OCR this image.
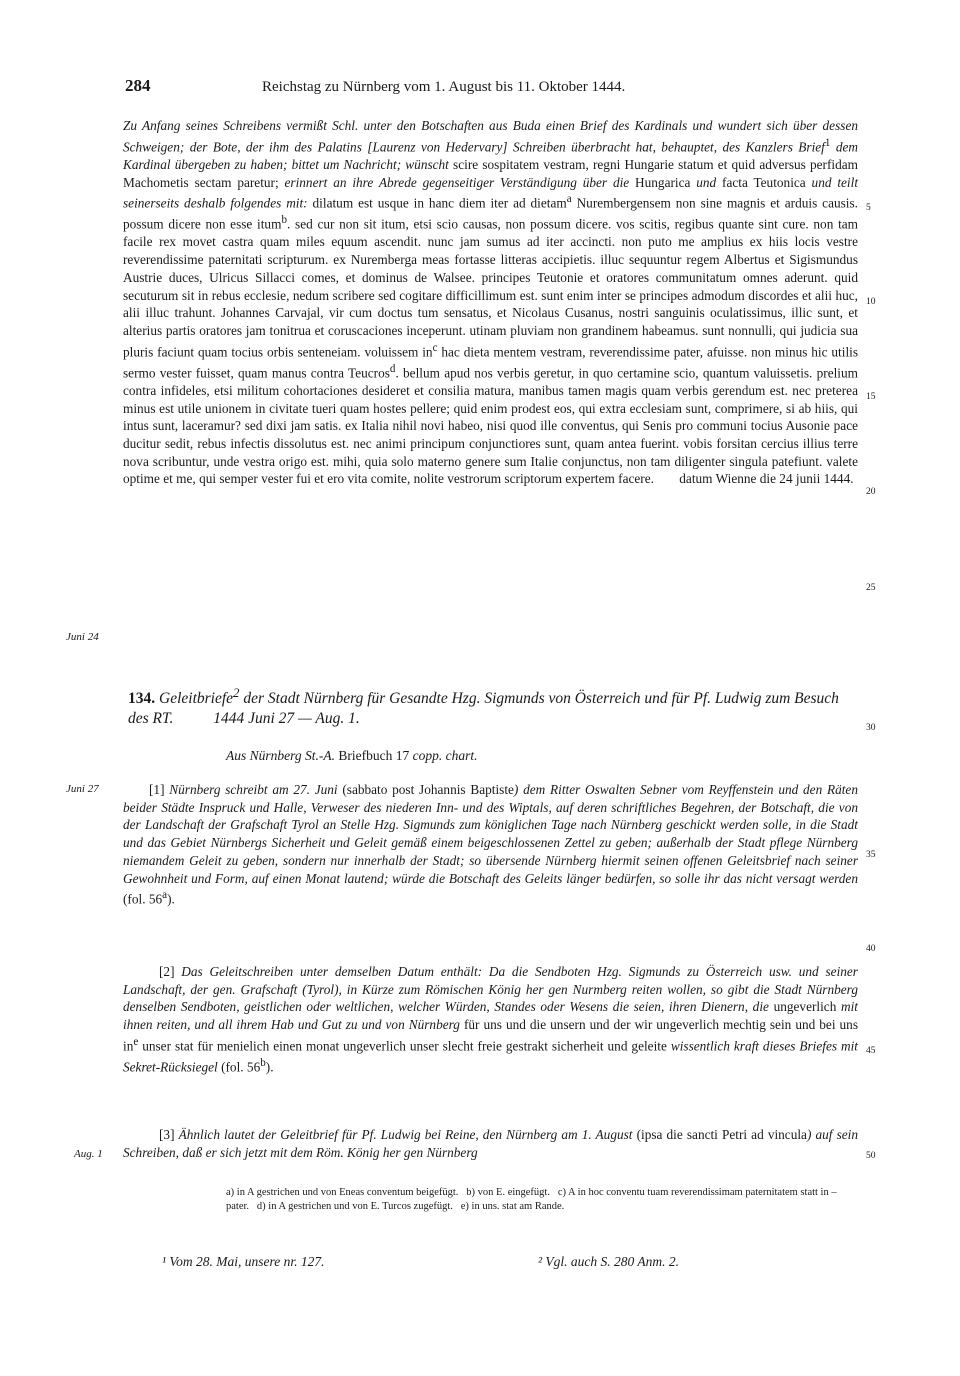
284	Reichstag zu Nürnberg vom 1. August bis 11. Oktober 1444.

Zu Anfang seines Schreibens vermißt Schl. unter den Botschaften aus Buda einen Brief des Kardinals und wundert sich über dessen Schweigen; der Bote, der ihm des Palatins [Laurenz von Hedervary] Schreiben überbracht hat, behauptet, des Kanzlers Brief$^1$ dem Kardinal übergeben zu haben; bittet um Nachricht; wünscht scire sospitatem vestram, regni Hungarie statum et quid adversus perfidam Machometis sectam paretur; erinnert an ihre Abrede gegenseitiger Verständigung über die Hungarica und facta Teutonica und teilt seinerseits deshalb folgendes mit: dilatum est usque in hanc diem iter ad dietam$^a$ Nurembergensem non sine magnis et arduis causis. possum dicere non esse itum$^b$. sed cur non sit itum, etsi scio causas, non possum dicere. vos scitis, regibus quante sint cure. non tam facile rex movet castra quam miles equum ascendit. nunc jam sumus ad iter accincti. non puto me amplius ex hiis locis vestre reverendissime paternitati scripturum. ex Nuremberga meas fortasse litteras accipietis. illuc sequuntur regem Albertus et Sigismundus Austrie duces, Ulricus Sillacci comes, et dominus de Walsee. principes Teutonie et oratores communitatum omnes aderunt. quid secuturum sit in rebus ecclesie, nedum scribere sed cogitare difficillimum est. sunt enim inter se principes admodum discordes et alii huc, alii illuc trahunt. Johannes Carvajal, vir cum doctus tum sensatus, et Nicolaus Cusanus, nostri sanguinis oculatissimus, illic sunt, et alterius partis oratores jam tonitrua et coruscaciones inceperunt. utinam pluviam non grandinem habeamus. sunt nonnulli, qui judicia sua pluris faciunt quam tocius orbis senteneiam. voluissem $in^c$ hac dieta mentem vestram, reverendissime pater, afuisse. non minus hic utilis sermo vester fuisset, quam manus contra Teucros$^d$. bellum apud nos verbis geretur, in quo certamine scio, quantum valuissetis. prelium contra infideles, etsi militum cohortaciones desideret et consilia matura, manibus tamen magis quam verbis gerendum est. nec preterea minus est utile unionem in civitate tueri quam hostes pellere; quid enim prodest eos, qui extra ecclesiam sunt, comprimere, si ab hiis, qui intus sunt, laceramur? sed dixi jam satis. ex Italia nihil novi habeo, nisi quod ille conventus, qui Senis pro communi tocius Ausonie pace ducitur sedit, rebus infectis dissolutus est. nec animi principum conjunctiores sunt, quam antea fuerint. vobis forsitan cercius illius terre nova scribuntur, unde vestra origo est. mihi, quia solo materno genere sum Italie conjunctus, non tam diligenter singula patefiunt. valete optime et me, qui semper vester fui et ero vita comite, nolite vestrorum scriptorum expertem facere. datum Wienne die 24 junii 1444.

Juni 24
Juni 27
Aug. 1
5
10
15
20
25
30
35
40
45
50

134. Geleitbriefe$^2$ der Stadt Nürnberg für Gesandte Hzg. Sigmunds von Österreich und für Pf. Ludwig zum Besuch des RT.	1444 Juni 27 — Aug. 1.

Aus Nürnberg St.-A. Briefbuch 17 copp. chart.

[1] Nürnberg schreibt am 27. Juni (sabbato post Johannis Baptiste) dem Ritter Oswalten Sebner vom Reyffenstein und den Räten beider Städte Inspruck und Halle, Verweser des niederen Inn- und des Wiptals, auf deren schriftliches Begehren, der Botschaft, die von der Landschaft der Grafschaft Tyrol an Stelle Hzg. Sigmunds zum königlichen Tage nach Nürnberg geschickt werden solle, in die Stadt und das Gebiet Nürnbergs Sicherheit und Geleit gemäß einem beigeschlossenen Zettel zu geben; außerhalb der Stadt pflege Nürnberg niemandem Geleit zu geben, sondern nur innerhalb der Stadt; so übersende Nürnberg hiermit seinen offenen Geleitsbrief nach seiner Gewohnheit und Form, auf einen Monat lautend; würde die Botschaft des Geleits länger bedürfen, so solle ihr das nicht versagt werden (fol. 56$^a$).

[2] Das Geleitschreiben unter demselben Datum enthält: Da die Sendboten Hzg. Sigmunds zu Österreich usw. und seiner Landschaft, der gen. Grafschaft (Tyrol), in Kürze zum Römischen König her gen Nurmberg reiten wollen, so gibt die Stadt Nürnberg denselben Sendboten, geistlichen oder weltlichen, welcher Würden, Standes oder Wesens die seien, ihren Dienern, die ungeverlich mit ihnen reiten, und all ihrem Hab und Gut zu und von Nürnberg für uns und die unsern und der wir ungeverlich mechtig sein und bei uns $in^e$ unser stat für menielich einen monat ungeverlich unser slecht freie gestrakt sicherheit und geleite wissentlich kraft dieses Briefes mit Sekret-Rücksiegel (fol. 56$^b$).

[3] Ähnlich lautet der Geleitbrief für Pf. Ludwig bei Reine, den Nürnberg am 1. August (ipsa die sancti Petri ad vincula) auf sein Schreiben, daß er sich jetzt mit dem Röm. König her gen Nürnberg

a) in A gestrichen und von Eneas conventum beigefügt. b) von E. eingefügt. c) A in hoc conventu tuam reverendissimam paternitatem statt in – pater. d) in A gestrichen und von E. Turcos zugefügt. e) in uns. stat am Rande.

¹ Vom 28. Mai, unsere nr. 127.	² Vgl. auch S. 280 Anm. 2.
